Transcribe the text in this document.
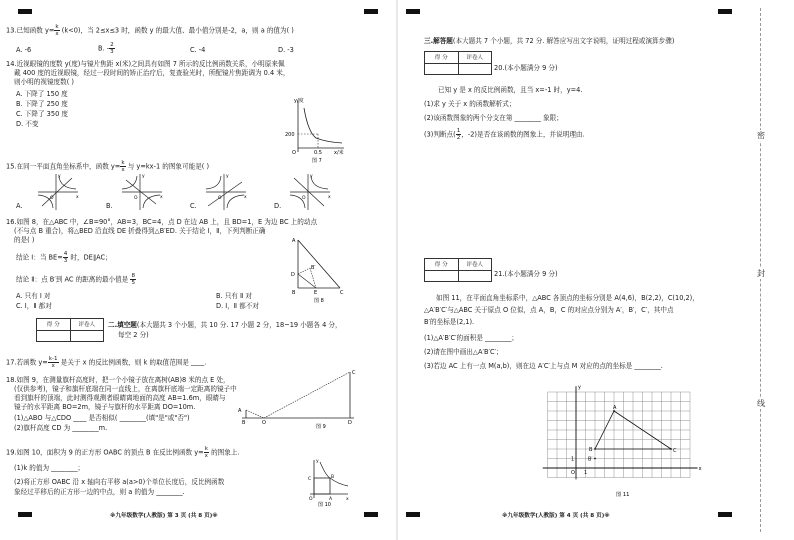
13.已知函数 $y= \frac{k}{x} (k<0)$，当 2≤x≤3 时，函数 y 的最大值、最小值分别是-2，a，则 a 的值为( )
A. -6	B. - $\frac{2}{3}$	C. -4	D. -3
14.近视眼镜的度数 y(度)与镜片焦距 x(米)之间具有如图 7 所示的反比例函数关系，小明原来佩
戴 400 度的近视眼镜，经过一段时间的矫正治疗后，复查验光时，所配镜片焦距调为 0.4 米，
则小明的视镜度数( )
A. 下降了 150 度
B. 下降了 250 度
C. 下降了 350 度
D. 不变
y/度
200
O	0.5 x/米
图 7
15.在同一平面直角坐标系中，函数 $y= \frac{k}{x}$ 与 y=kx-1 的图象可能是( )
O	x
y
O	x
y
O	x
y
O	x
y
A.	B.	C.	D.
16.如图 8，在△ABC 中，∠B=90°，AB=3，BC=4，点 D 在边 AB 上，且 BD=1，E 为边 BC 上的动点
(不与点 B 重合)，将△BED 沿直线 DE 折叠得到△B′ED. 关于结论 Ⅰ，Ⅱ，下列判断正确
的是( )
结论 Ⅰ：当 $BE= \frac{4}{3}$ 时，DE∥AC；
结论 Ⅱ：点 B′到 AC 的距离的最小值是 $\frac{8}{5}$
A. 只有 Ⅰ 对	B. 只有 Ⅱ 对
C. Ⅰ，Ⅱ 都对	D. Ⅰ，Ⅱ 都不对
A
D
B′
B	E	C
图 8
得 分	评卷人	二.填空题(本大题共 3 个小题，共 10 分. 17 小题 2 分，18~19 小题各 4 分，
每空 2 分)
17.若函数 $y= \frac{k-1}{x}$ 是关于 x 的反比例函数，则 k 的取值范围是 ____.
18.如图 9，在测量旗杆高度时，把一个小镜子放在离树(AB)8 米的点 E 处，
(仅供参考)，镜子和旗杆底端在同一直线上，在离旗杆底端一定距离的镜子中
看到旗杆的顶端，此时测得观测者眼睛离地面的高度 AB=1.6m，眼睛与
镜子的水平距离 BO=2m，镜子与旗杆的水平距离 DO=10m.
(1)△ABO 与△CDO ____ 是否相似( ________(填"是"或"否")
(2)旗杆高度 CD 为 ________m.
A
B	O	D
C
图 9
19.如图 10，面积为 9 的正方形 OABC 的顶点 B 在反比例函数 $y= \frac{k}{x}$ 的图象上.
(1)k 的值为 ________；
(2)将正方形 OABC 沿 x 轴向右平移 a(a>0)个单位长度后，反比例函数
象经过平移后的正方形一边的中点，则 a 的值为 ________.
y
x
C	B
O	A
图 10
※九年级数学(人教版) 第 3 页 (共 8 页)※
三.解答题(本大题共 7 个小题，共 72 分. 解答应写出文字说明，证明过程或演算步骤)
得 分	评卷人
20.(本小题满分 9 分)
已知 y 是 x 的反比例函数，且当 x=-1 时，y=4.
(1)求 y 关于 x 的函数解析式；
(2)该函数图象的两个分支在第 ________ 象限；
(3)判断点( $\frac{1}{2}$ ，-2)是否在该函数的图象上，并说明理由.
得 分	评卷人
21.(本小题满分 9 分)
如图 11，在平面直角坐标系中，△ABC 各顶点的坐标分别是 A(4,6)，B(2,2)，C(10,2)，
△A′B′C′与△ABC 关于原点 O 位似，点 A，B，C 的对应点分别为 A′，B′，C′，其中点
B′的坐标是(2,1).
(1)△A′B′C′的面积是 ________；
(2)请在图中画出△A′B′C′；
(3)若边 AC 上有一点 M(a,b)，则在边 A′C′上与点 M 对应的点的坐标是 ________.
A
B	C
B′
O 1
1
x
y
图 11
※九年级数学(人教版) 第 4 页 (共 8 页)※
密
封
线
